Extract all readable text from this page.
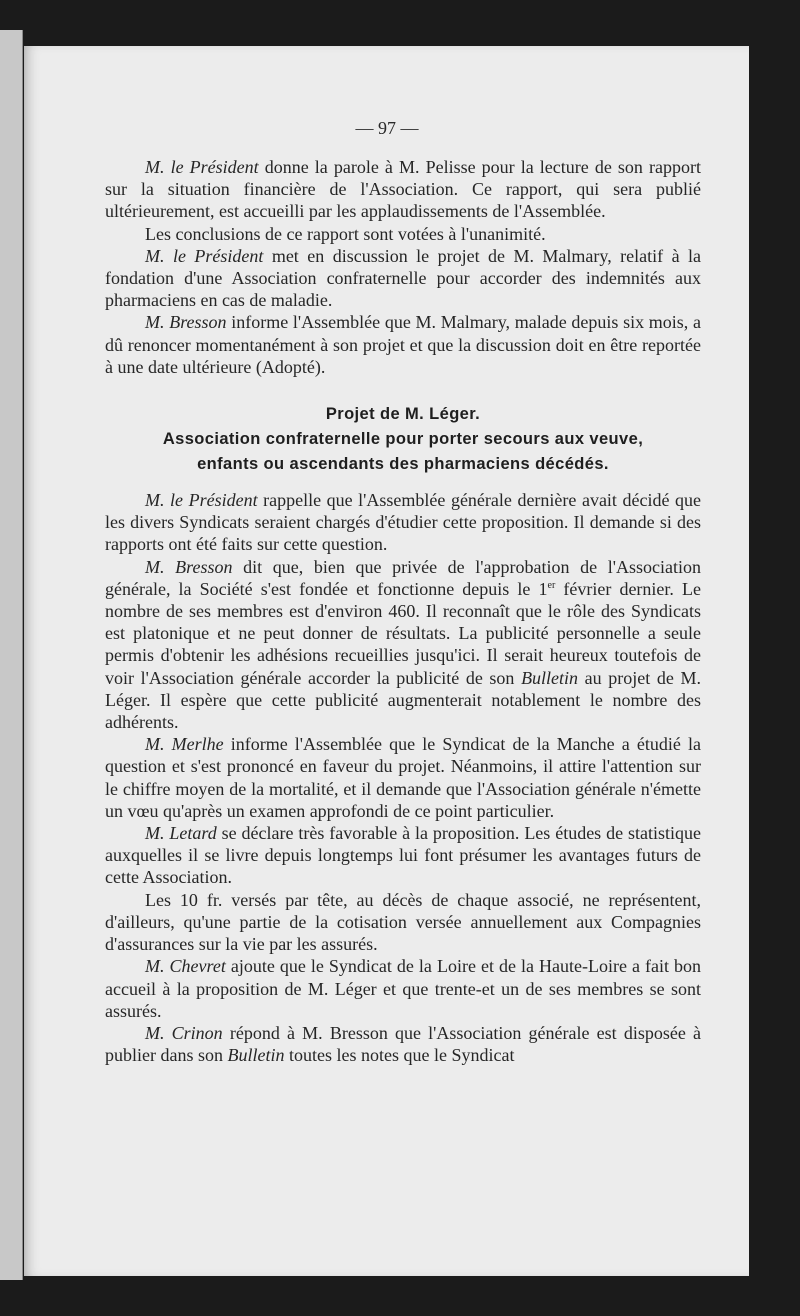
— 97 —

M. le Président donne la parole à M. Pelisse pour la lecture de son rapport sur la situation financière de l'Association. Ce rapport, qui sera publié ultérieurement, est accueilli par les applaudissements de l'Assemblée.

Les conclusions de ce rapport sont votées à l'unanimité.

M. le Président met en discussion le projet de M. Malmary, relatif à la fondation d'une Association confraternelle pour accorder des indemnités aux pharmaciens en cas de maladie.

M. Bresson informe l'Assemblée que M. Malmary, malade depuis six mois, a dû renoncer momentanément à son projet et que la discussion doit en être reportée à une date ultérieure (Adopté).

Projet de M. Léger.
Association confraternelle pour porter secours aux veuve,
enfants ou ascendants des pharmaciens décédés.

M. le Président rappelle que l'Assemblée générale dernière avait décidé que les divers Syndicats seraient chargés d'étudier cette proposition. Il demande si des rapports ont été faits sur cette question.

M. Bresson dit que, bien que privée de l'approbation de l'Association générale, la Société s'est fondée et fonctionne depuis le 1er février dernier. Le nombre de ses membres est d'environ 460. Il reconnaît que le rôle des Syndicats est platonique et ne peut donner de résultats. La publicité personnelle a seule permis d'obtenir les adhésions recueillies jusqu'ici. Il serait heureux toutefois de voir l'Association générale accorder la publicité de son Bulletin au projet de M. Léger. Il espère que cette publicité augmenterait notablement le nombre des adhérents.

M. Merlhe informe l'Assemblée que le Syndicat de la Manche a étudié la question et s'est prononcé en faveur du projet. Néanmoins, il attire l'attention sur le chiffre moyen de la mortalité, et il demande que l'Association générale n'émette un vœu qu'après un examen approfondi de ce point particulier.

M. Letard se déclare très favorable à la proposition. Les études de statistique auxquelles il se livre depuis longtemps lui font présumer les avantages futurs de cette Association.

Les 10 fr. versés par tête, au décès de chaque associé, ne représentent, d'ailleurs, qu'une partie de la cotisation versée annuellement aux Compagnies d'assurances sur la vie par les assurés.

M. Chevret ajoute que le Syndicat de la Loire et de la Haute-Loire a fait bon accueil à la proposition de M. Léger et que trente-et un de ses membres se sont assurés.

M. Crinon répond à M. Bresson que l'Association générale est disposée à publier dans son Bulletin toutes les notes que le Syndicat
